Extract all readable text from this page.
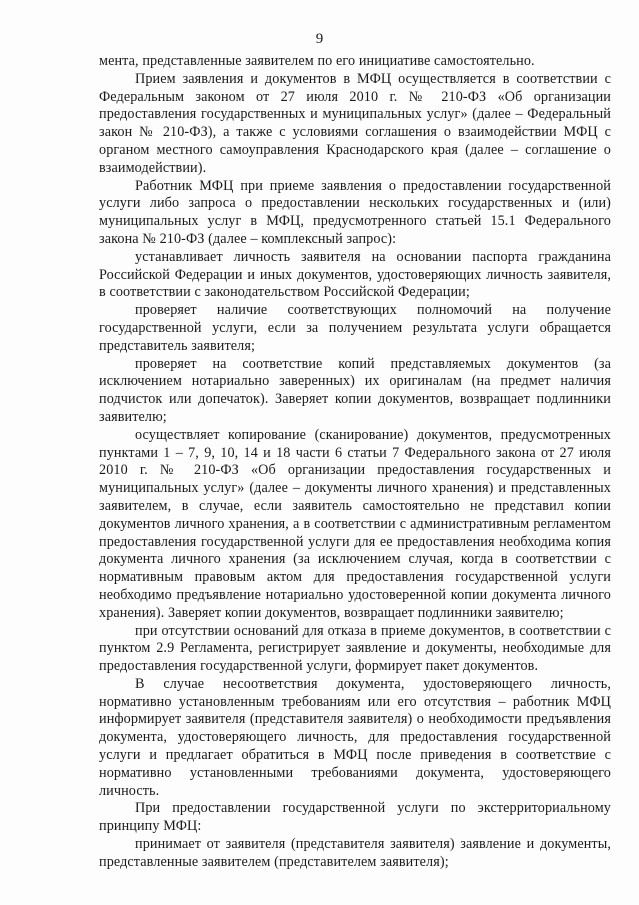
9

мента, представленные заявителем по его инициативе самостоятельно.

Прием заявления и документов в МФЦ осуществляется в соответствии с Федеральным законом от 27 июля 2010 г. № 210-ФЗ «Об организации предоставления государственных и муниципальных услуг» (далее – Федеральный закон № 210-ФЗ), а также с условиями соглашения о взаимодействии МФЦ с органом местного самоуправления Краснодарского края (далее – соглашение о взаимодействии).

Работник МФЦ при приеме заявления о предоставлении государственной услуги либо запроса о предоставлении нескольких государственных и (или) муниципальных услуг в МФЦ, предусмотренного статьей 15.1 Федерального закона № 210-ФЗ (далее – комплексный запрос):

устанавливает личность заявителя на основании паспорта гражданина Российской Федерации и иных документов, удостоверяющих личность заявителя, в соответствии с законодательством Российской Федерации;

проверяет наличие соответствующих полномочий на получение государственной услуги, если за получением результата услуги обращается представитель заявителя;

проверяет на соответствие копий представляемых документов (за исключением нотариально заверенных) их оригиналам (на предмет наличия подчисток или допечаток). Заверяет копии документов, возвращает подлинники заявителю;

осуществляет копирование (сканирование) документов, предусмотренных пунктами 1 – 7, 9, 10, 14 и 18 части 6 статьи 7 Федерального закона от 27 июля 2010 г. № 210-ФЗ «Об организации предоставления государственных и муниципальных услуг» (далее – документы личного хранения) и представленных заявителем, в случае, если заявитель самостоятельно не представил копии документов личного хранения, а в соответствии с административным регламентом предоставления государственной услуги для ее предоставления необходима копия документа личного хранения (за исключением случая, когда в соответствии с нормативным правовым актом для предоставления государственной услуги необходимо предъявление нотариально удостоверенной копии документа личного хранения). Заверяет копии документов, возвращает подлинники заявителю;

при отсутствии оснований для отказа в приеме документов, в соответствии с пунктом 2.9 Регламента, регистрирует заявление и документы, необходимые для предоставления государственной услуги, формирует пакет документов.

В случае несоответствия документа, удостоверяющего личность, нормативно установленным требованиям или его отсутствия – работник МФЦ информирует заявителя (представителя заявителя) о необходимости предъявления документа, удостоверяющего личность, для предоставления государственной услуги и предлагает обратиться в МФЦ после приведения в соответствие с нормативно установленными требованиями документа, удостоверяющего личность.

При предоставлении государственной услуги по экстерриториальному принципу МФЦ:

принимает от заявителя (представителя заявителя) заявление и документы, представленные заявителем (представителем заявителя);
